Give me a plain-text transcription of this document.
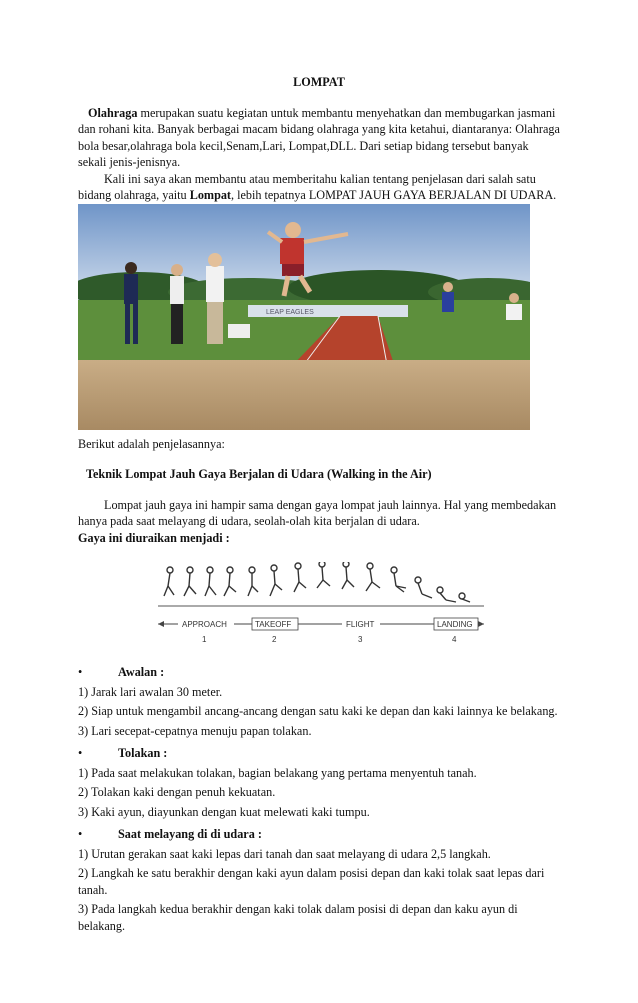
LOMPAT

Olahraga merupakan suatu kegiatan untuk membantu menyehatkan dan membugarkan jasmani dan rohani kita. Banyak berbagai macam bidang olahraga yang kita ketahui, diantaranya: Olahraga bola besar,olahraga bola kecil,Senam,Lari, Lompat,DLL. Dari setiap bidang tersebut banyak sekali jenis-jenisnya.

Kali ini saya akan membantu atau memberitahu kalian tentang penjelasan dari salah satu bidang olahraga, yaitu Lompat, lebih tepatnya LOMPAT JAUH GAYA BERJALAN DI UDARA.

LEAP EAGLES

Berikut adalah penjelasannya:

Teknik Lompat Jauh Gaya Berjalan di Udara (Walking in the Air)

Lompat jauh gaya ini hampir sama dengan gaya lompat jauh lainnya. Hal yang membedakan hanya pada saat melayang di udara, seolah-olah kita berjalan di udara.

Gaya ini diuraikan menjadi :

APPROACH	TAKEOFF	FLIGHT	LANDING
1	2	3	4

•	Awalan :

1) Jarak lari awalan 30 meter.

2) Siap untuk mengambil ancang-ancang dengan satu kaki ke depan dan kaki lainnya ke belakang.

3) Lari secepat-cepatnya menuju papan tolakan.

•	Tolakan :

1) Pada saat melakukan tolakan, bagian belakang yang pertama menyentuh tanah.

2) Tolakan kaki dengan penuh kekuatan.

3) Kaki ayun, diayunkan dengan kuat melewati kaki tumpu.

•	Saat melayang di di udara :

1) Urutan gerakan saat kaki lepas dari tanah dan saat melayang di udara 2,5 langkah.

2) Langkah ke satu berakhir dengan kaki ayun dalam posisi depan dan kaki tolak saat lepas dari tanah.

3) Pada langkah kedua berakhir dengan kaki tolak dalam posisi di depan dan kaku ayun di belakang.
